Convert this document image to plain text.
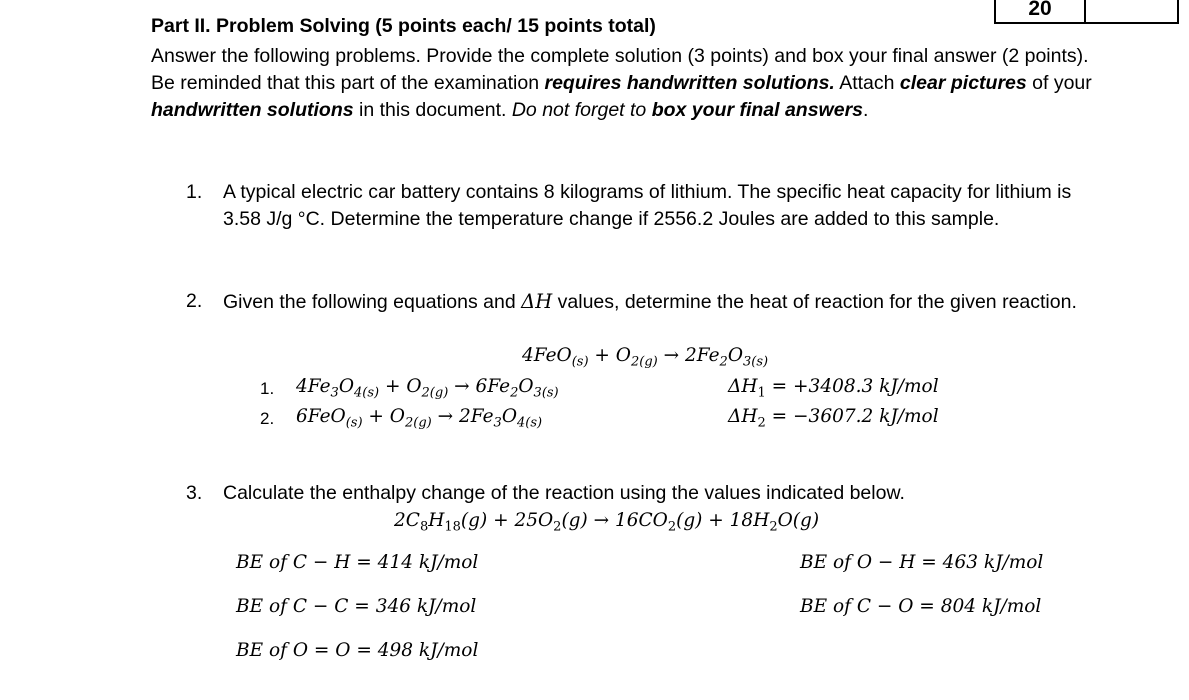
20
Part II. Problem Solving (5 points each/ 15 points total)
Answer the following problems. Provide the complete solution (3 points) and box your final answer (2 points). Be reminded that this part of the examination requires handwritten solutions. Attach clear pictures of your handwritten solutions in this document. Do not forget to box your final answers.
1. A typical electric car battery contains 8 kilograms of lithium. The specific heat capacity for lithium is 3.58 J/g °C. Determine the temperature change if 2556.2 Joules are added to this sample.
2. Given the following equations and ΔH values, determine the heat of reaction for the given reaction.
$4FeO_{(s)} + O_{2(g)} \to 2Fe_2O_{3(s)}$
1. $4Fe_3O_{4(s)} + O_{2(g)} \to 6Fe_2O_{3(s)}$	$\Delta H_1 = +3408.3$ kJ/mol
2. $6FeO_{(s)} + O_{2(g)} \to 2Fe_3O_{4(s)}$	$\Delta H_2 = -3607.2$ kJ/mol
3. Calculate the enthalpy change of the reaction using the values indicated below.
$2C_8H_{18}(g) + 25O_2(g) \to 16CO_2(g) + 18H_2O(g)$
BE of C − H = 414 kJ/mol	BE of O − H = 463 kJ/mol
BE of C − C = 346 kJ/mol	BE of C − O = 804 kJ/mol
BE of O = O = 498 kJ/mol
